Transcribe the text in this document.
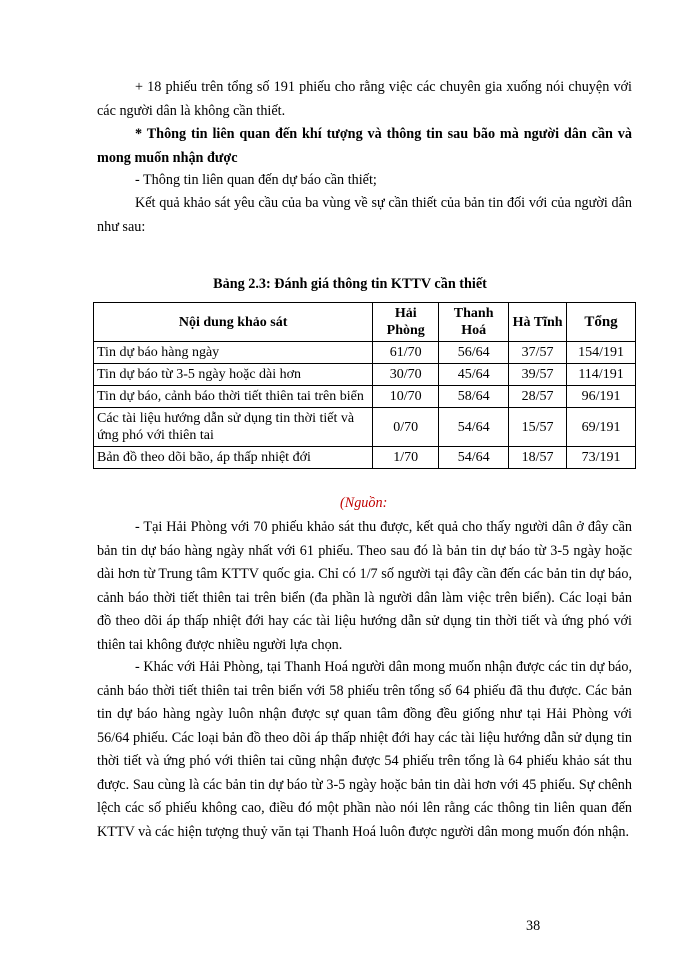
+ 18 phiếu trên tổng số 191 phiếu cho rằng việc các chuyên gia xuống nói chuyện với các người dân là không cần thiết.

* Thông tin liên quan đến khí tượng và thông tin sau bão mà người dân cần và mong muốn nhận được

- Thông tin liên quan đến dự báo cần thiết;

Kết quả khảo sát yêu cầu của ba vùng về sự cần thiết của bản tin đối với của người dân như sau:

Bảng 2.3: Đánh giá thông tin KTTV cần thiết

Nội dung khảo sát	Hải Phòng	Thanh Hoá	Hà Tĩnh	Tổng
Tin dự báo hàng ngày	61/70	56/64	37/57	154/191
Tin dự báo từ 3-5 ngày hoặc dài hơn	30/70	45/64	39/57	114/191
Tin dự báo, cảnh báo thời tiết thiên tai trên biển	10/70	58/64	28/57	96/191
Các tài liệu hướng dẫn sử dụng tin thời tiết và ứng phó với thiên tai	0/70	54/64	15/57	69/191
Bản đồ theo dõi bão, áp thấp nhiệt đới	1/70	54/64	18/57	73/191

(Nguồn:

- Tại Hải Phòng với 70 phiếu khảo sát thu được, kết quả cho thấy người dân ở đây cần bản tin dự báo hàng ngày nhất với 61 phiếu. Theo sau đó là bản tin dự báo từ 3-5 ngày hoặc dài hơn từ Trung tâm KTTV quốc gia. Chỉ có 1/7 số người tại đây cần đến các bản tin dự báo, cảnh báo thời tiết thiên tai trên biển (đa phần là người dân làm việc trên biển). Các loại bản đồ theo dõi áp thấp nhiệt đới hay các tài liệu hướng dẫn sử dụng tin thời tiết và ứng phó với thiên tai không được nhiều người lựa chọn.

- Khác với Hải Phòng, tại Thanh Hoá người dân mong muốn nhận được các tin dự báo, cảnh báo thời tiết thiên tai trên biển với 58 phiếu trên tổng số 64 phiếu đã thu được. Các bản tin dự báo hàng ngày luôn nhận được sự quan tâm đồng đều giống như tại Hải Phòng với 56/64 phiếu. Các loại bản đồ theo dõi áp thấp nhiệt đới hay các tài liệu hướng dẫn sử dụng tin thời tiết và ứng phó với thiên tai cũng nhận được 54 phiếu trên tổng là 64 phiếu khảo sát thu được. Sau cùng là các bản tin dự báo từ 3-5 ngày hoặc bản tin dài hơn với 45 phiếu. Sự chênh lệch các số phiếu không cao, điều đó một phần nào nói lên rằng các thông tin liên quan đến KTTV và các hiện tượng thuỷ văn tại Thanh Hoá luôn được người dân mong muốn đón nhận.

38
